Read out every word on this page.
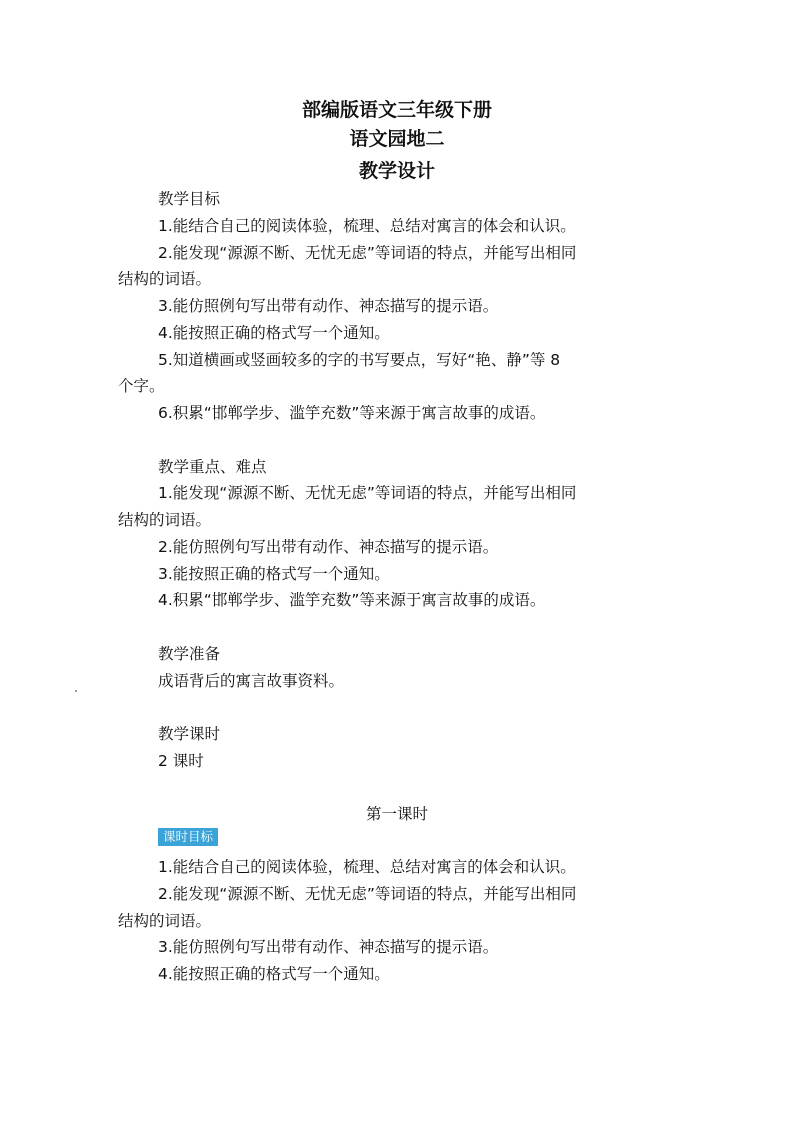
部编版语文三年级下册
语文园地二
教学设计
教学目标
1.能结合自己的阅读体验，梳理、总结对寓言的体会和认识。
2.能发现“源源不断、无忧无虑”等词语的特点，并能写出相同
结构的词语。
3.能仿照例句写出带有动作、神态描写的提示语。
4.能按照正确的格式写一个通知。
5.知道横画或竖画较多的字的书写要点，写好“艳、静”等 8
个字。
6.积累“邯郸学步、滥竽充数”等来源于寓言故事的成语。
教学重点、难点
1.能发现“源源不断、无忧无虑”等词语的特点，并能写出相同
结构的词语。
2.能仿照例句写出带有动作、神态描写的提示语。
3.能按照正确的格式写一个通知。
4.积累“邯郸学步、滥竽充数”等来源于寓言故事的成语。
教学准备
成语背后的寓言故事资料。
教学课时
2 课时
第一课时
课时目标
1.能结合自己的阅读体验，梳理、总结对寓言的体会和认识。
2.能发现“源源不断、无忧无虑”等词语的特点，并能写出相同
结构的词语。
3.能仿照例句写出带有动作、神态描写的提示语。
4.能按照正确的格式写一个通知。
